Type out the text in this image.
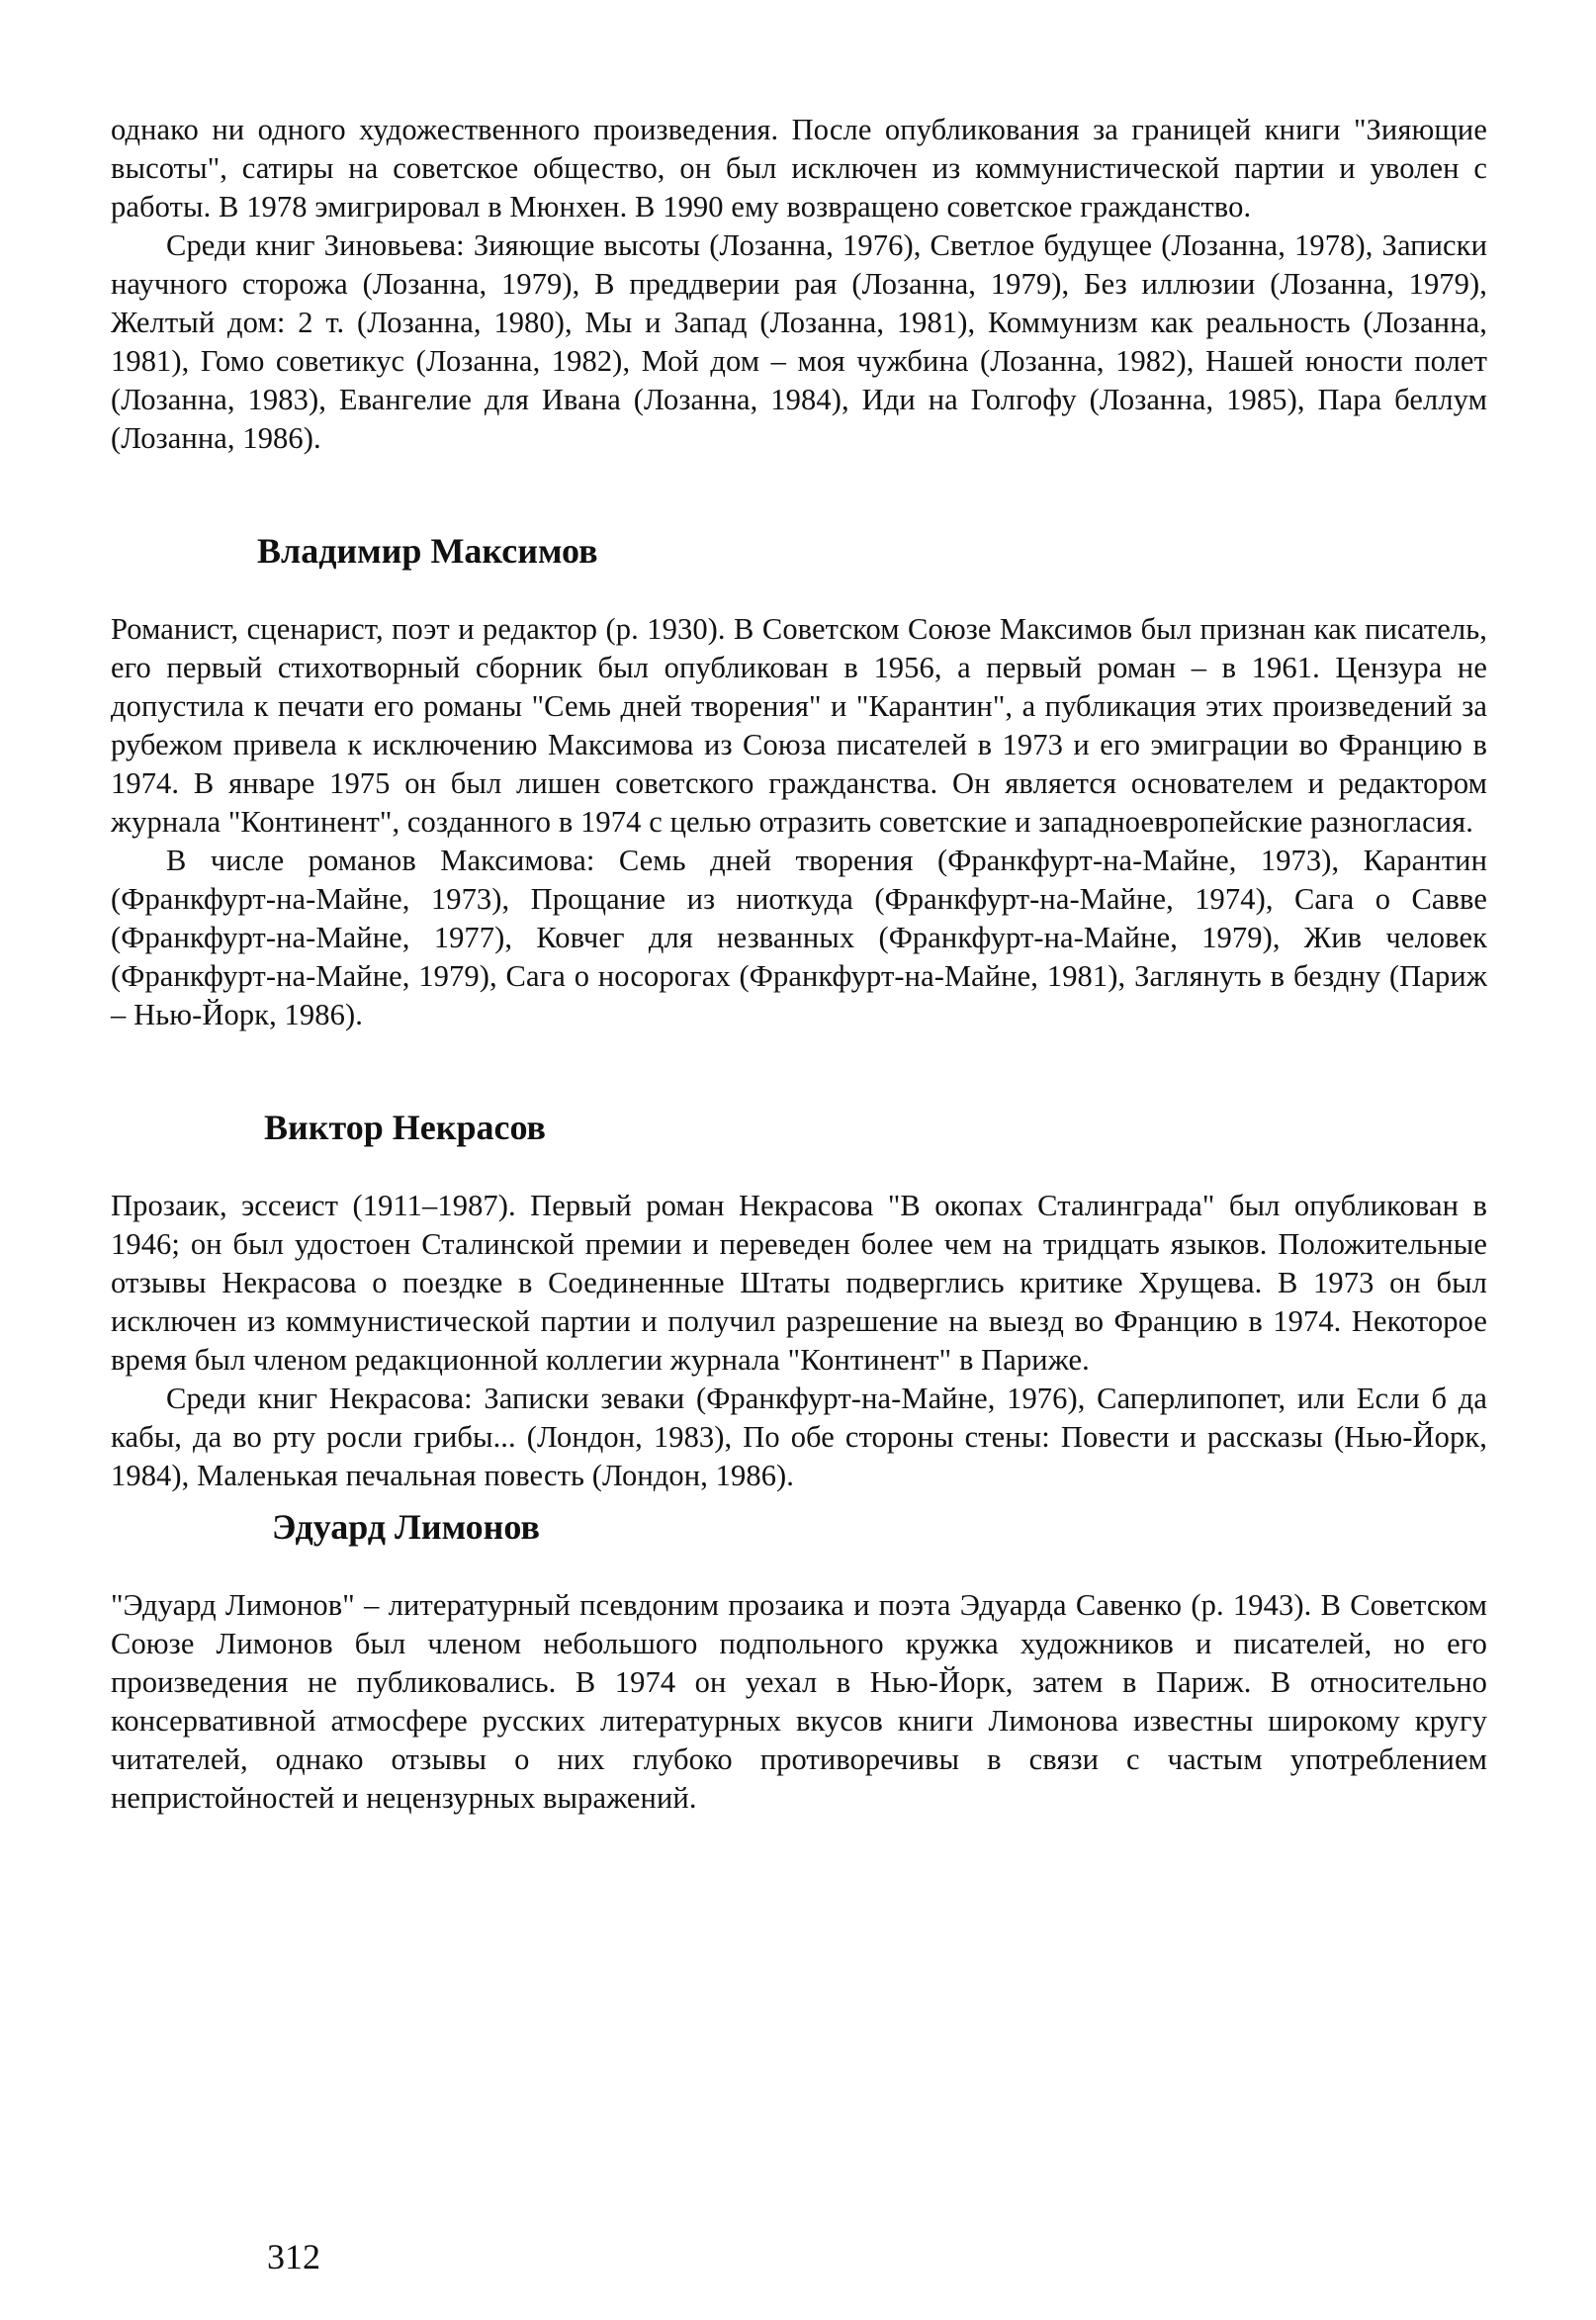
однако ни одного художественного произведения. После опубликования за границей книги "Зияющие высоты", сатиры на советское общество, он был исключен из коммунистической партии и уволен с работы. В 1978 эмигрировал в Мюнхен. В 1990 ему возвращено советское гражданство.

Среди книг Зиновьева: Зияющие высоты (Лозанна, 1976), Светлое будущее (Лозанна, 1978), Записки научного сторожа (Лозанна, 1979), В преддверии рая (Лозанна, 1979), Без иллюзии (Лозанна, 1979), Желтый дом: 2 т. (Лозанна, 1980), Мы и Запад (Лозанна, 1981), Коммунизм как реальность (Лозанна, 1981), Гомо советикус (Лозанна, 1982), Мой дом – моя чужбина (Лозанна, 1982), Нашей юности полет (Лозанна, 1983), Евангелие для Ивана (Лозанна, 1984), Иди на Голгофу (Лозанна, 1985), Пара беллум (Лозанна, 1986).

Владимир Максимов

Романист, сценарист, поэт и редактор (р. 1930). В Советском Союзе Максимов был признан как писатель, его первый стихотворный сборник был опубликован в 1956, а первый роман – в 1961. Цензура не допустила к печати его романы "Семь дней творения" и "Карантин", а публикация этих произведений за рубежом привела к исключению Максимова из Союза писателей в 1973 и его эмиграции во Францию в 1974. В январе 1975 он был лишен советского гражданства. Он является основателем и редактором журнала "Континент", созданного в 1974 с целью отразить советские и западноевропейские разногласия.

В числе романов Максимова: Семь дней творения (Франкфурт-на-Майне, 1973), Карантин (Франкфурт-на-Майне, 1973), Прощание из ниоткуда (Франкфурт-на-Майне, 1974), Сага о Савве (Франкфурт-на-Майне, 1977), Ковчег для незванных (Франкфурт-на-Майне, 1979), Жив человек (Франкфурт-на-Майне, 1979), Сага о носорогах (Франкфурт-на-Майне, 1981), Заглянуть в бездну (Париж – Нью-Йорк, 1986).

Виктор Некрасов

Прозаик, эссеист (1911–1987). Первый роман Некрасова "В окопах Сталинграда" был опубликован в 1946; он был удостоен Сталинской премии и переведен более чем на тридцать языков. Положительные отзывы Некрасова о поездке в Соединенные Штаты подверглись критике Хрущева. В 1973 он был исключен из коммунистической партии и получил разрешение на выезд во Францию в 1974. Некоторое время был членом редакционной коллегии журнала "Континент" в Париже.

Среди книг Некрасова: Записки зеваки (Франкфурт-на-Майне, 1976), Саперлипопет, или Если б да кабы, да во рту росли грибы... (Лондон, 1983), По обе стороны стены: Повести и рассказы (Нью-Йорк, 1984), Маленькая печальная повесть (Лондон, 1986).

Эдуард Лимонов

"Эдуард Лимонов" – литературный псевдоним прозаика и поэта Эдуарда Савенко (р. 1943). В Советском Союзе Лимонов был членом небольшого подпольного кружка художников и писателей, но его произведения не публиковались. В 1974 он уехал в Нью-Йорк, затем в Париж. В относительно консервативной атмосфере русских литературных вкусов книги Лимонова известны широкому кругу читателей, однако отзывы о них глубоко противоречивы в связи с частым употреблением непристойностей и нецензурных выражений.

312
